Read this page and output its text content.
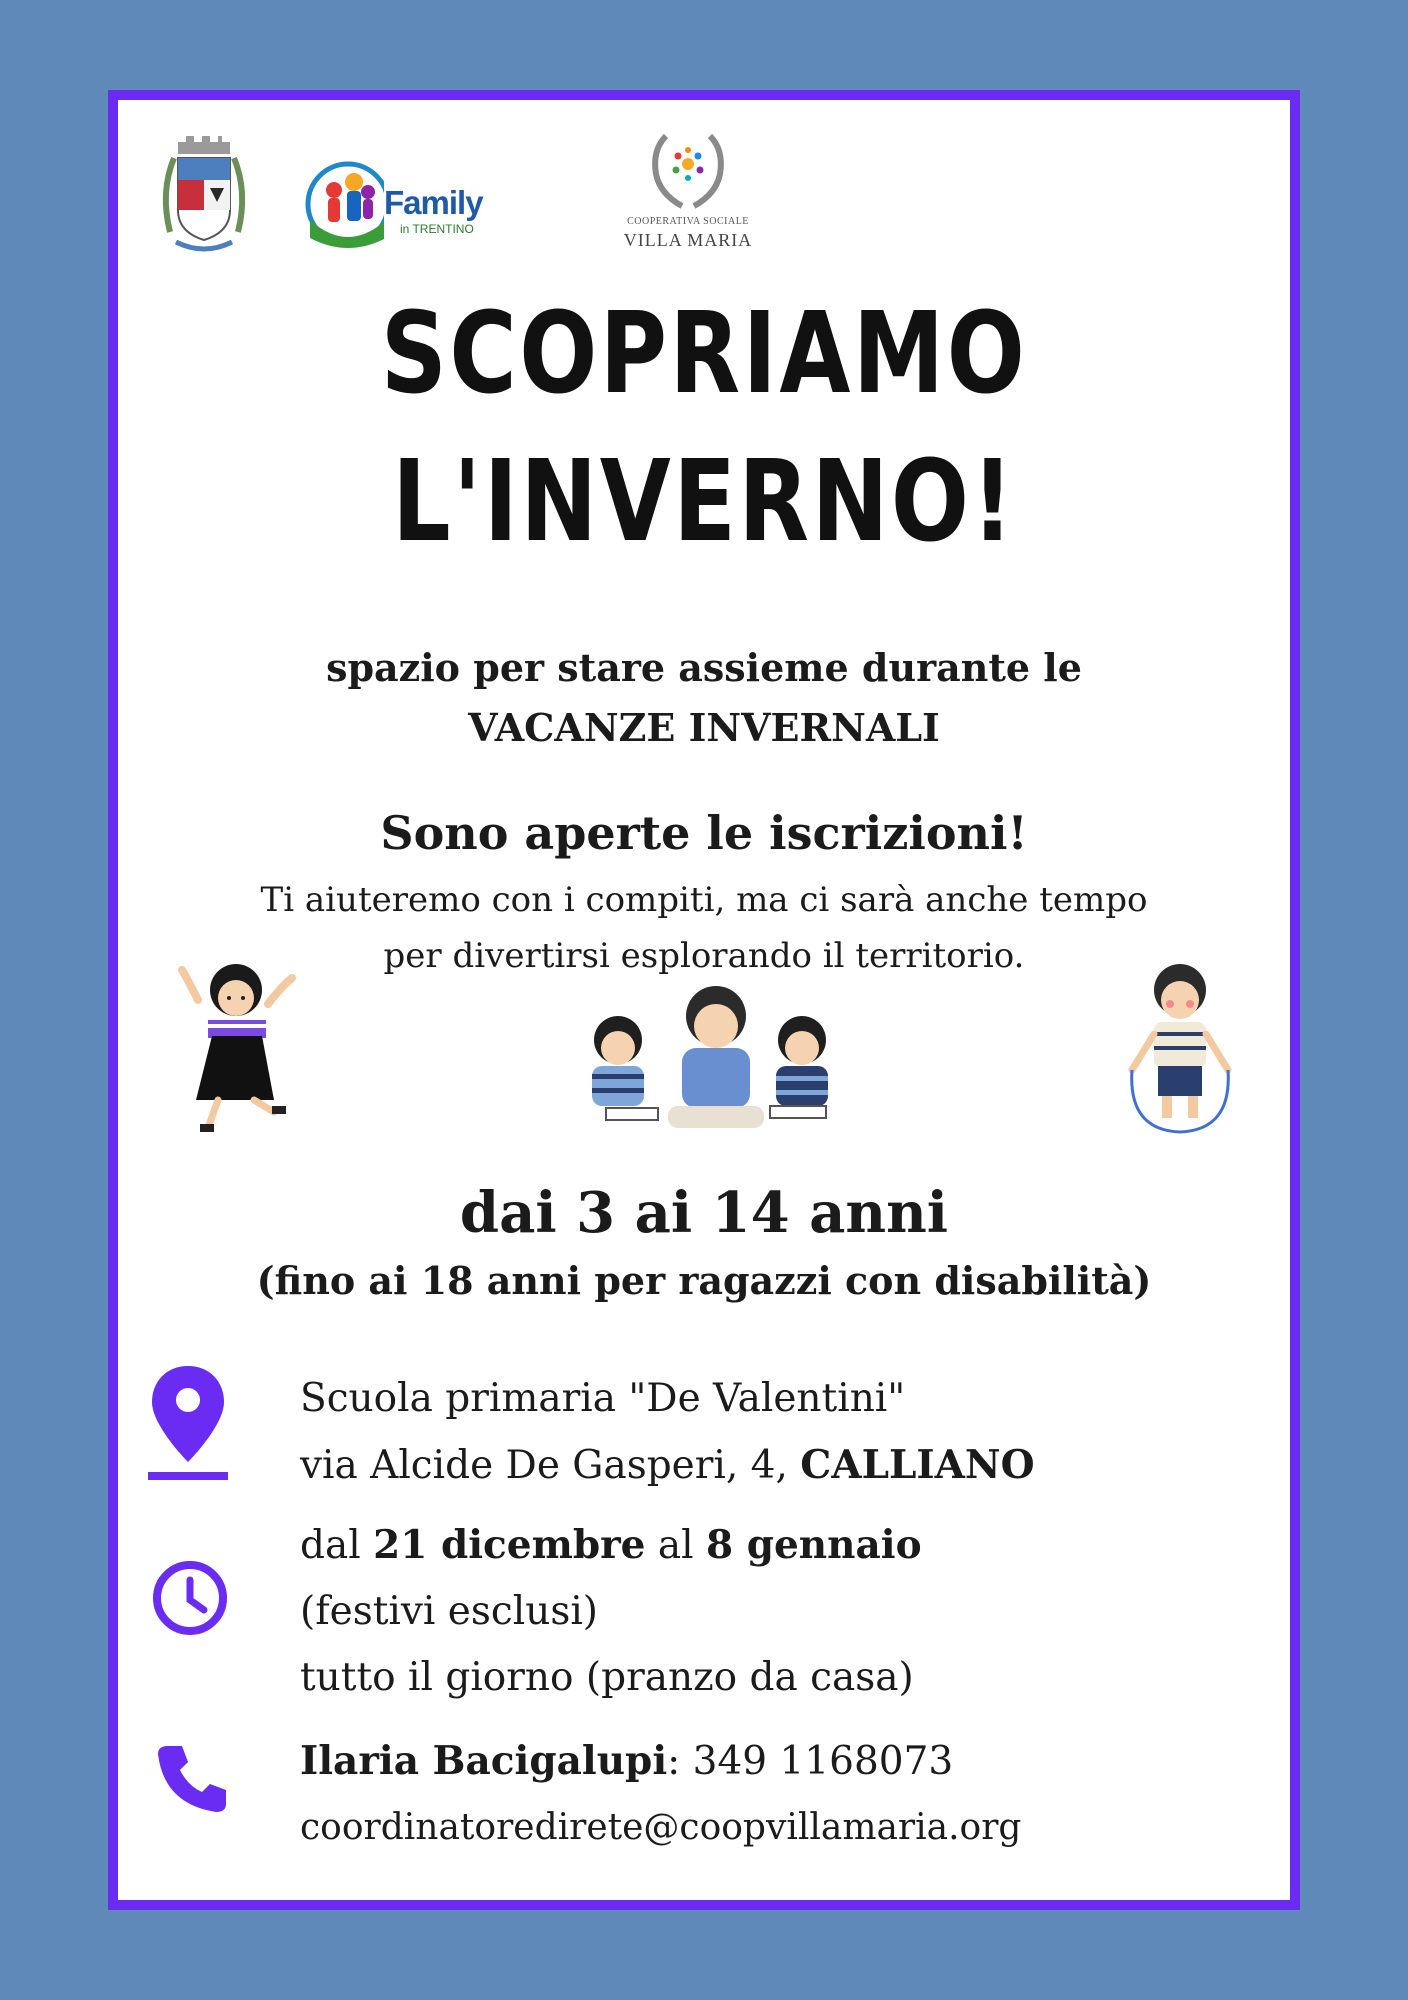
Family
in TRENTINO
COOPERATIVA SOCIALE
VILLA MARIA
SCOPRIAMO
L'INVERNO!
spazio per stare assieme durante le
VACANZE INVERNALI
Sono aperte le iscrizioni!
Ti aiuteremo con i compiti, ma ci sarà anche tempo
per divertirsi esplorando il territorio.
dai 3 ai 14 anni
(fino ai 18 anni per ragazzi con disabilità)
Scuola primaria "De Valentini"
via Alcide De Gasperi, 4, CALLIANO
dal 21 dicembre al 8 gennaio
(festivi esclusi)
tutto il giorno (pranzo da casa)
Ilaria Bacigalupi: 349 1168073
coordinatoredirete@coopvillamaria.org
